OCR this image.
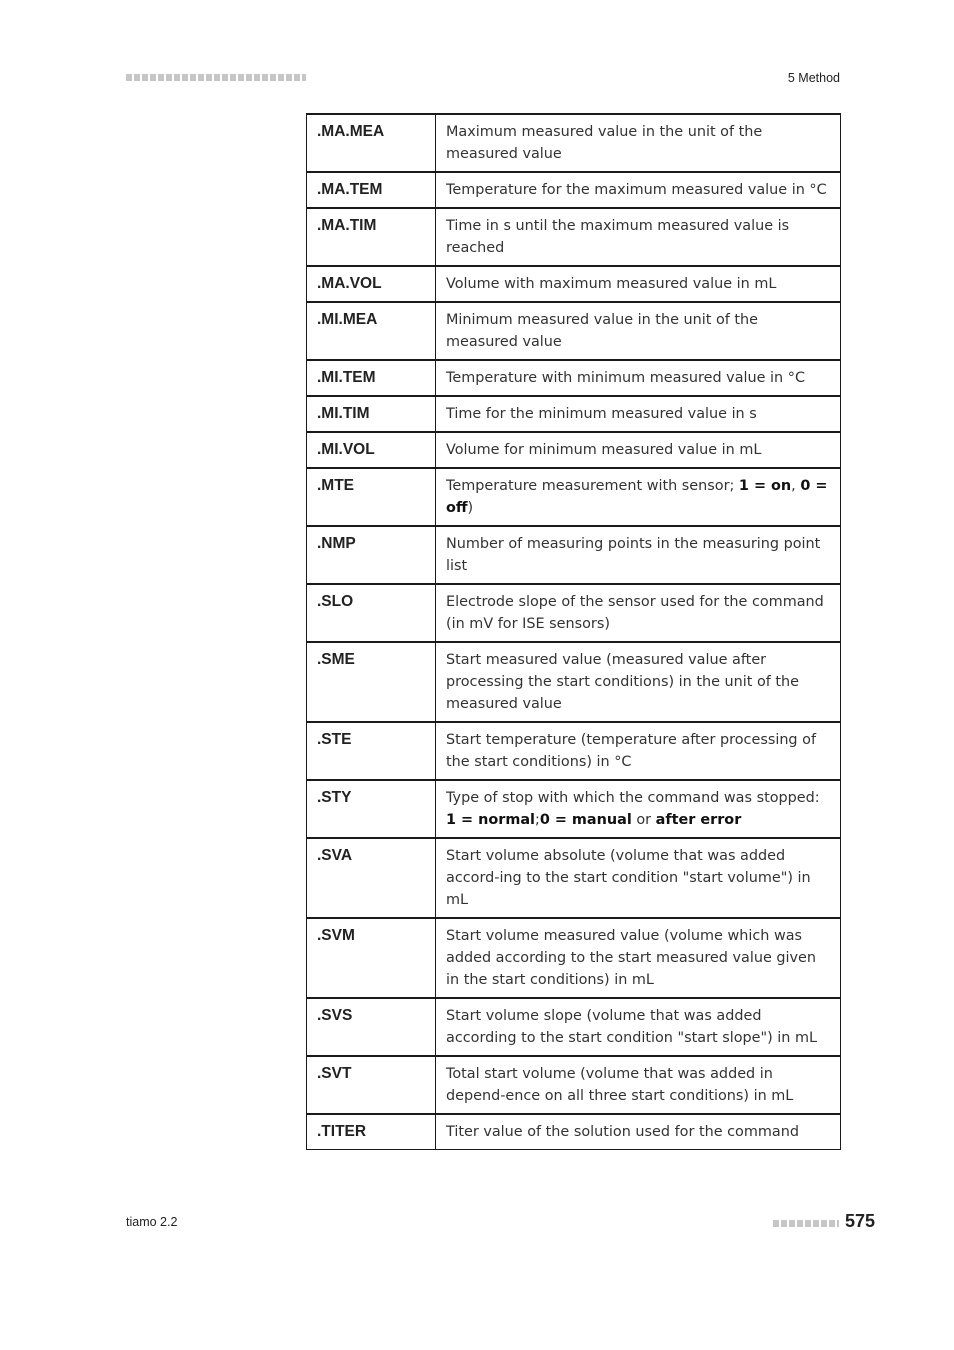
5 Method
.MA.MEA	Maximum measured value in the unit of the measured value
.MA.TEM	Temperature for the maximum measured value in °C
.MA.TIM	Time in s until the maximum measured value is reached
.MA.VOL	Volume with maximum measured value in mL
.MI.MEA	Minimum measured value in the unit of the measured value
.MI.TEM	Temperature with minimum measured value in °C
.MI.TIM	Time for the minimum measured value in s
.MI.VOL	Volume for minimum measured value in mL
.MTE	Temperature measurement with sensor; 1 = on, 0 = off)
.NMP	Number of measuring points in the measuring point list
.SLO	Electrode slope of the sensor used for the command (in mV for ISE sensors)
.SME	Start measured value (measured value after processing the start conditions) in the unit of the measured value
.STE	Start temperature (temperature after processing of the start conditions) in °C
.STY	Type of stop with which the command was stopped: 1 = normal;0 = manual or after error
.SVA	Start volume absolute (volume that was added accord-ing to the start condition "start volume") in mL
.SVM	Start volume measured value (volume which was added according to the start measured value given in the start conditions) in mL
.SVS	Start volume slope (volume that was added according to the start condition "start slope") in mL
.SVT	Total start volume (volume that was added in depend-ence on all three start conditions) in mL
.TITER	Titer value of the solution used for the command
tiamo 2.2	575
